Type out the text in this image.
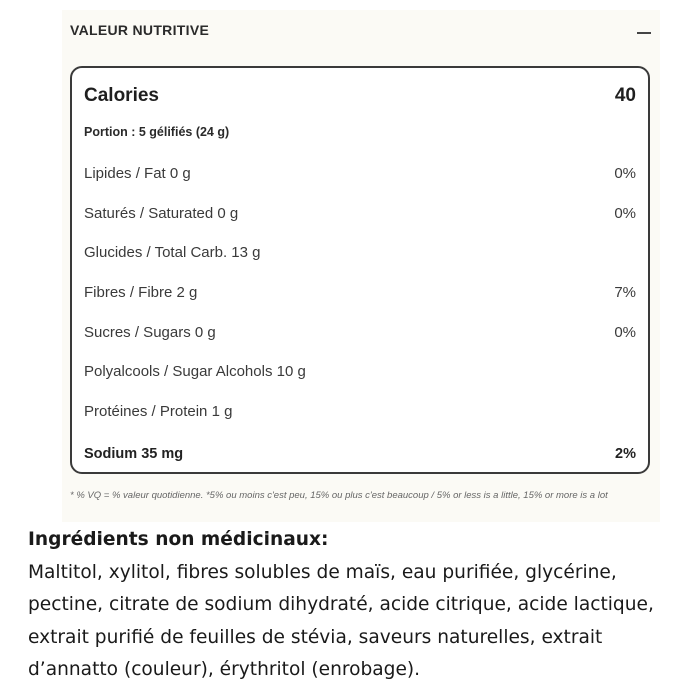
VALEUR NUTRITIVE
Calories	40
Portion : 5 gélifiés (24 g)
Lipides / Fat 0 g	0%
Saturés / Saturated 0 g	0%
Glucides / Total Carb. 13 g
Fibres / Fibre 2 g	7%
Sucres / Sugars 0 g	0%
Polyalcools / Sugar Alcohols 10 g
Protéines / Protein 1 g
Sodium 35 mg	2%
* % VQ = % valeur quotidienne. *5% ou moins c'est peu, 15% ou plus c'est beaucoup / 5% or less is a little, 15% or more is a lot
Ingrédients non médicinaux:
Maltitol, xylitol, fibres solubles de maïs, eau purifiée, glycérine, pectine, citrate de sodium dihydraté, acide citrique, acide lactique, extrait purifié de feuilles de stévia, saveurs naturelles, extrait d’annatto (couleur), érythritol (enrobage).
